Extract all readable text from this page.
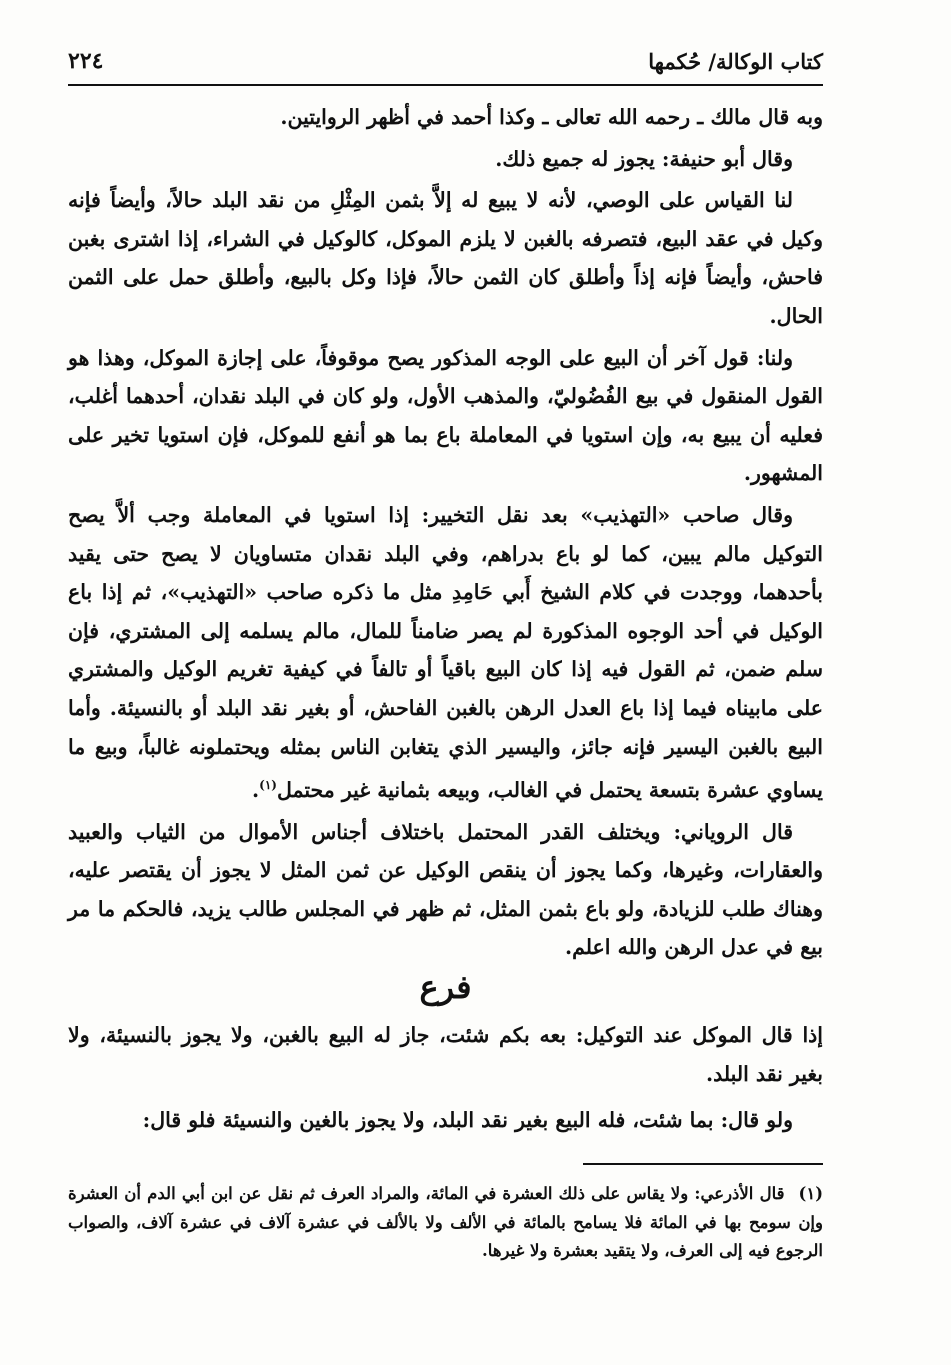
كتاب الوكالة/ حُكمها
٢٢٤

وبه قال مالك ـ رحمه الله تعالى ـ وكذا أحمد في أظهر الروايتين.

وقال أبو حنيفة: يجوز له جميع ذلك.

لنا القياس على الوصي، لأنه لا يبيع له إلاَّ بثمن المِثْلِ من نقد البلد حالاً، وأيضاً فإنه وكيل في عقد البيع، فتصرفه بالغبن لا يلزم الموكل، كالوكيل في الشراء، إذا اشترى بغبن فاحش، وأيضاً فإنه إذاً وأطلق كان الثمن حالاً، فإذا وكل بالبيع، وأطلق حمل على الثمن الحال.

ولنا: قول آخر أن البيع على الوجه المذكور يصح موقوفاً، على إجازة الموكل، وهذا هو القول المنقول في بيع الفُضُوليّ، والمذهب الأول، ولو كان في البلد نقدان، أحدهما أغلب، فعليه أن يبيع به، وإن استويا في المعاملة باع بما هو أنفع للموكل، فإن استويا تخير على المشهور.

وقال صاحب «التهذيب» بعد نقل التخيير: إذا استويا في المعاملة وجب ألاَّ يصح التوكيل مالم يبين، كما لو باع بدراهم، وفي البلد نقدان متساويان لا يصح حتى يقيد بأحدهما، ووجدت في كلام الشيخ أَبي حَامِدِ مثل ما ذكره صاحب «التهذيب»، ثم إذا باع الوكيل في أحد الوجوه المذكورة لم يصر ضامناً للمال، مالم يسلمه إلى المشتري، فإن سلم ضمن، ثم القول فيه إذا كان البيع باقياً أو تالفاً في كيفية تغريم الوكيل والمشتري على مابيناه فيما إذا باع العدل الرهن بالغبن الفاحش، أو بغير نقد البلد أو بالنسيئة. وأما البيع بالغبن اليسير فإنه جائز، واليسير الذي يتغابن الناس بمثله ويحتملونه غالباً، وبيع ما يساوي عشرة بتسعة يحتمل في الغالب، وبيعه بثمانية غير محتمل$^{(١)}$.

قال الروياني: ويختلف القدر المحتمل باختلاف أجناس الأموال من الثياب والعبيد والعقارات، وغيرها، وكما يجوز أن ينقص الوكيل عن ثمن المثل لا يجوز أن يقتصر عليه، وهناك طلب للزيادة، ولو باع بثمن المثل، ثم ظهر في المجلس طالب يزيد، فالحكم ما مر بيع في عدل الرهن والله اعلم.

فرع

إذا قال الموكل عند التوكيل: بعه بكم شئت، جاز له البيع بالغبن، ولا يجوز بالنسيئة، ولا بغير نقد البلد.

ولو قال: بما شئت، فله البيع بغير نقد البلد، ولا يجوز بالغين والنسيئة فلو قال:

(١)قال الأذرعي: ولا يقاس على ذلك العشرة في المائة، والمراد العرف ثم نقل عن ابن أبي الدم أن العشرة وإن سومح بها في المائة فلا يسامح بالمائة في الألف ولا بالألف في عشرة آلاف في عشرة آلاف، والصواب الرجوع فيه إلى العرف، ولا يتقيد بعشرة ولا غيرها.
